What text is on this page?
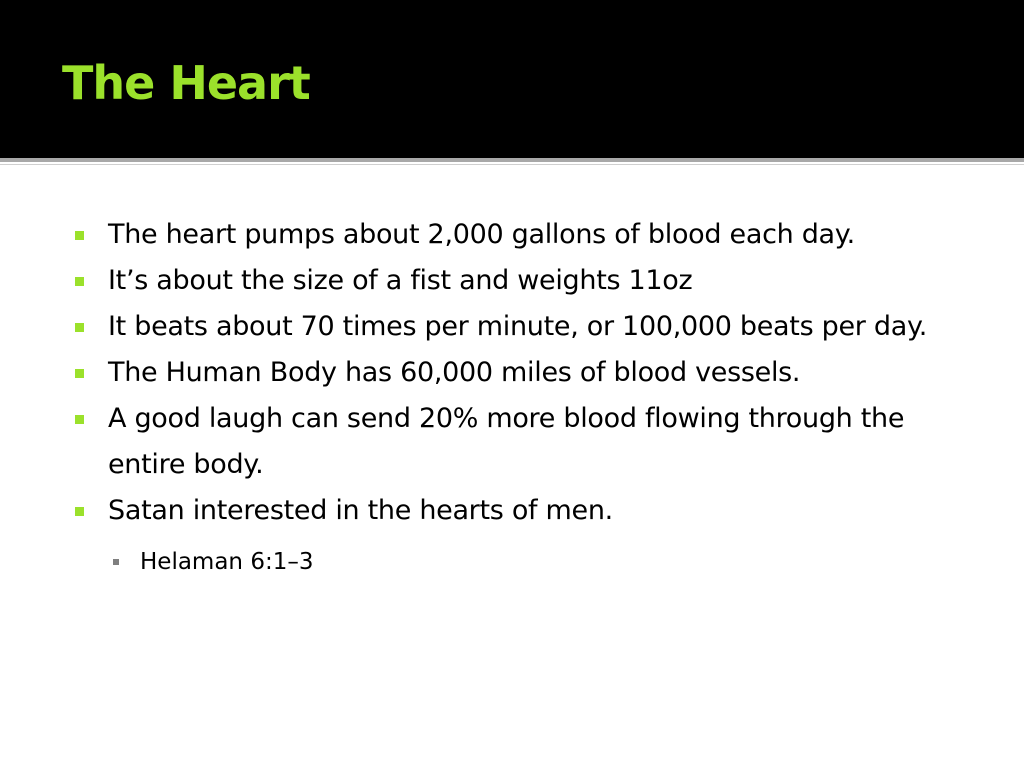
The Heart
The heart pumps about 2,000 gallons of blood each day.
It’s about the size of a fist and weights 11oz
It beats about 70 times per minute, or 100,000 beats per day.
The Human Body has 60,000 miles of blood vessels.
A good laugh can send 20% more blood flowing through the entire body.
Satan interested in the hearts of men.
Helaman 6:1–3
